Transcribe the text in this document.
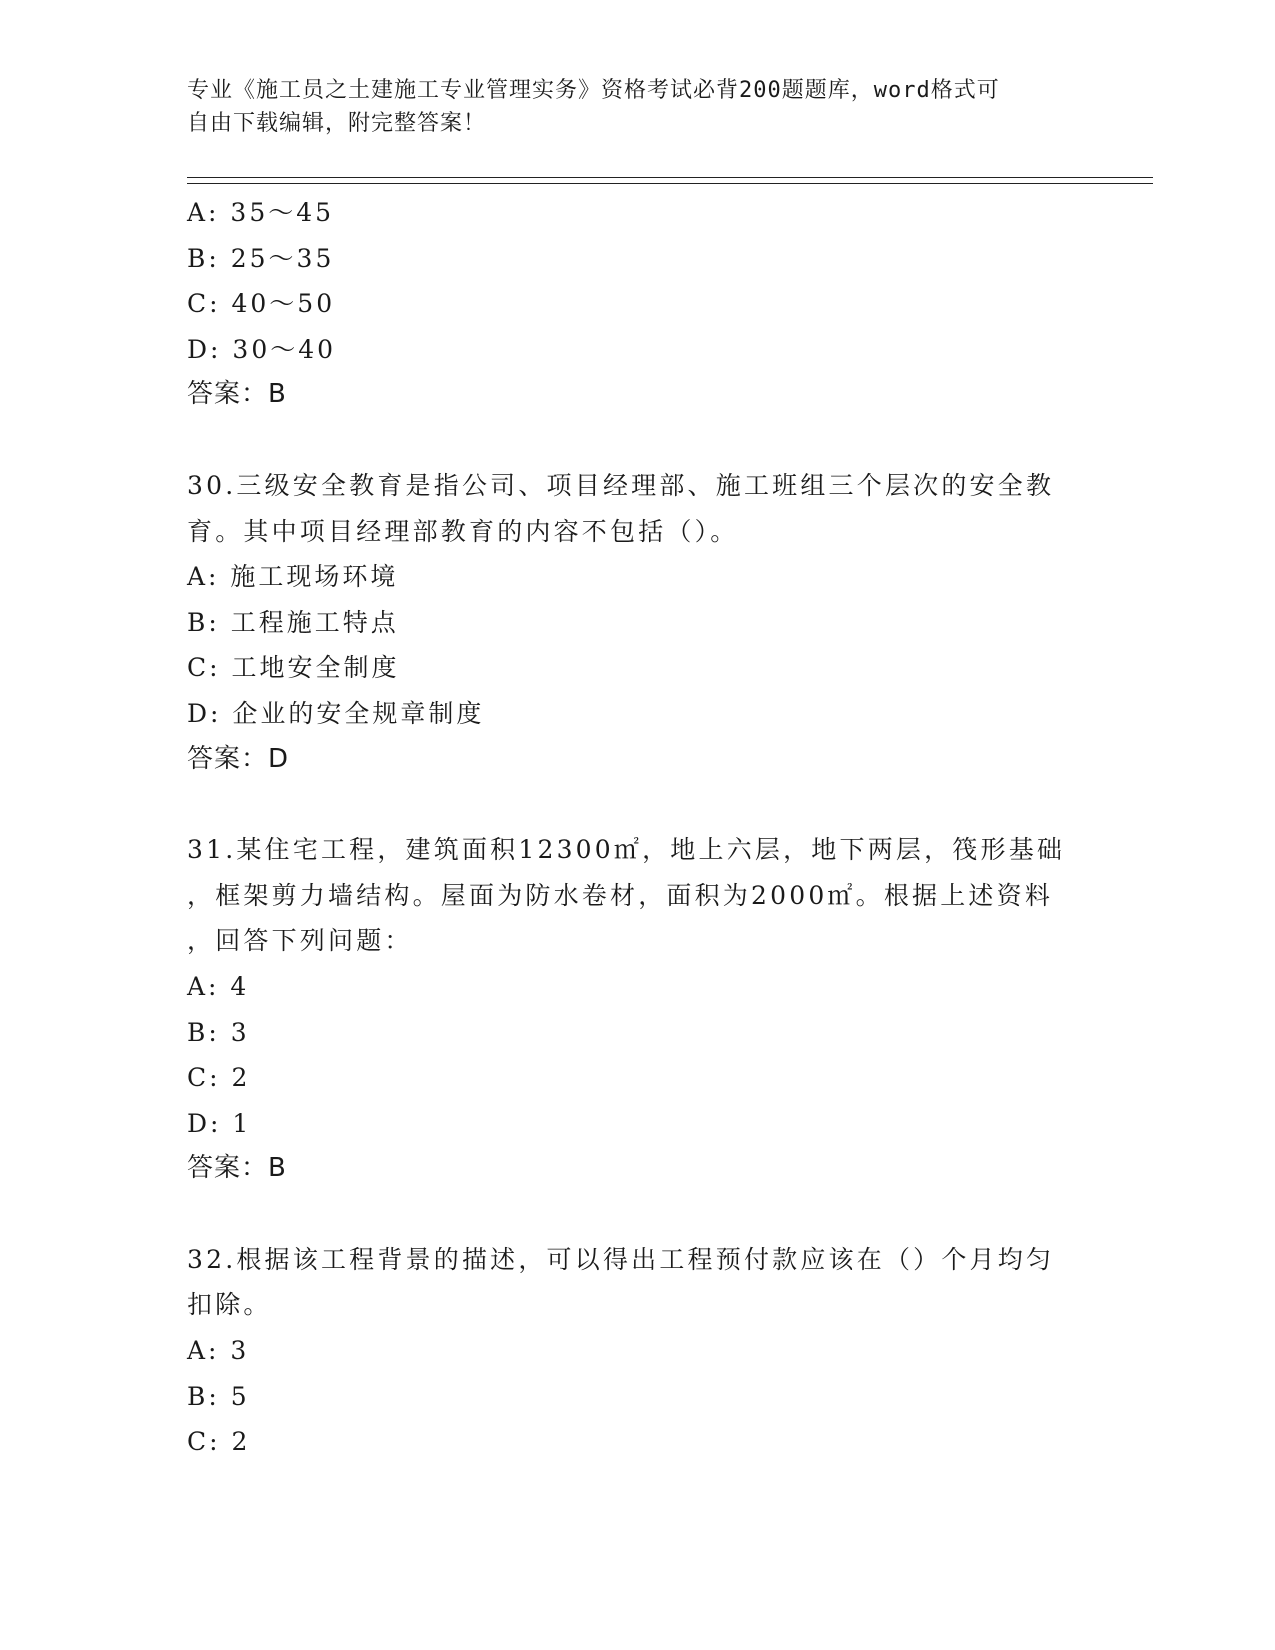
专业《施工员之土建施工专业管理实务》资格考试必背200题题库，word格式可
自由下载编辑，附完整答案！
A: 35～45
B: 25～35
C: 40～50
D: 30～40
答案：B
30.三级安全教育是指公司、项目经理部、施工班组三个层次的安全教
育。其中项目经理部教育的内容不包括（）。
A: 施工现场环境
B: 工程施工特点
C: 工地安全制度
D: 企业的安全规章制度
答案：D
31.某住宅工程，建筑面积12300㎡，地上六层，地下两层，筏形基础
，框架剪力墙结构。屋面为防水卷材，面积为2000㎡。根据上述资料
，回答下列问题：
A: 4
B: 3
C: 2
D: 1
答案：B
32.根据该工程背景的描述，可以得出工程预付款应该在（）个月均匀
扣除。
A: 3
B: 5
C: 2
